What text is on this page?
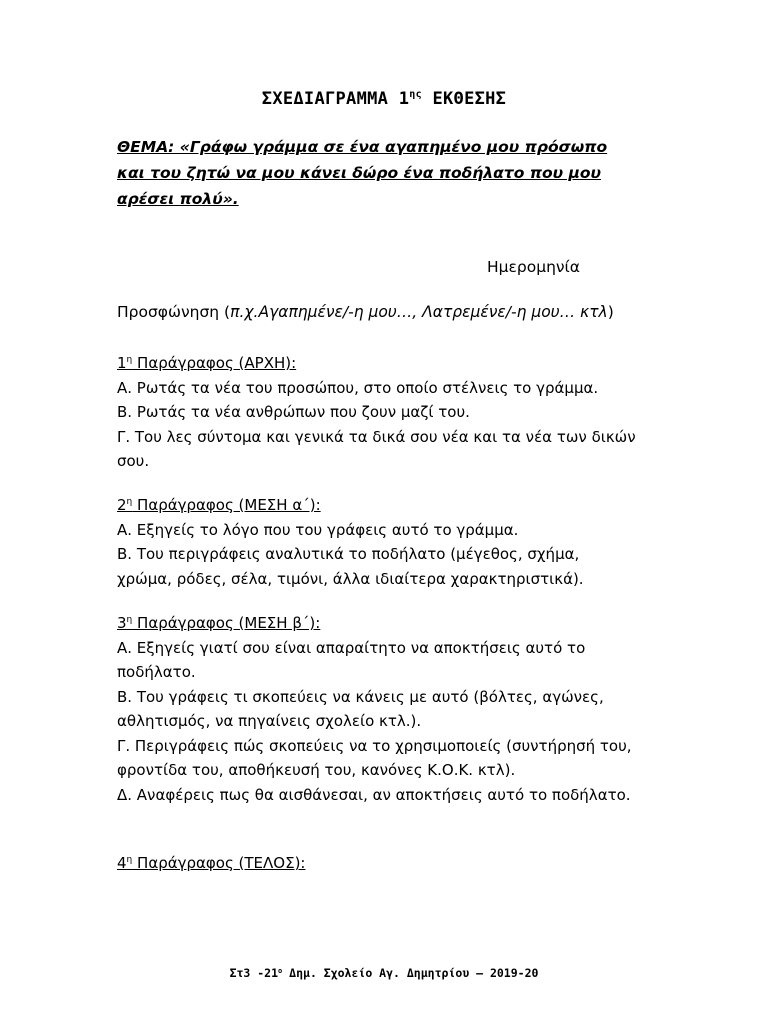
ΣΧΕΔΙΑΓΡΑΜΜΑ $1^{\eta\varsigma}$ ΕΚΘΕΣΗΣ
ΘΕΜΑ: «Γράφω γράμμα σε ένα αγαπημένο μου πρόσωπο και του ζητώ να μου κάνει δώρο ένα ποδήλατο που μου αρέσει πολύ».
Ημερομηνία
Προσφώνηση (π.χ.Αγαπημένε/-η μου…, Λατρεμένε/-η μου… κτλ)
$1^\eta$ Παράγραφος (ΑΡΧΗ):
Α. Ρωτάς τα νέα του προσώπου, στο οποίο στέλνεις το γράμμα.
Β. Ρωτάς τα νέα ανθρώπων που ζουν μαζί του.
Γ. Του λες σύντομα και γενικά τα δικά σου νέα και τα νέα των δικών σου.
$2^\eta$ Παράγραφος (ΜΕΣΗ α΄):
Α. Εξηγείς το λόγο που του γράφεις αυτό το γράμμα.
Β. Του περιγράφεις αναλυτικά το ποδήλατο (μέγεθος, σχήμα, χρώμα, ρόδες, σέλα, τιμόνι, άλλα ιδιαίτερα χαρακτηριστικά).
$3^\eta$ Παράγραφος (ΜΕΣΗ β΄):
Α. Εξηγείς γιατί σου είναι απαραίτητο να αποκτήσεις αυτό το ποδήλατο.
Β. Του γράφεις τι σκοπεύεις να κάνεις με αυτό (βόλτες, αγώνες, αθλητισμός, να πηγαίνεις σχολείο κτλ.).
Γ. Περιγράφεις πώς σκοπεύεις να το χρησιμοποιείς (συντήρησή του, φροντίδα του, αποθήκευσή του, κανόνες Κ.Ο.Κ. κτλ).
Δ. Αναφέρεις πως θα αισθάνεσαι, αν αποκτήσεις αυτό το ποδήλατο.
$4^\eta$ Παράγραφος (ΤΕΛΟΣ):
Στ3 $-21^o$ Δημ. Σχολείο Αγ. Δημητρίου – 2019-20
